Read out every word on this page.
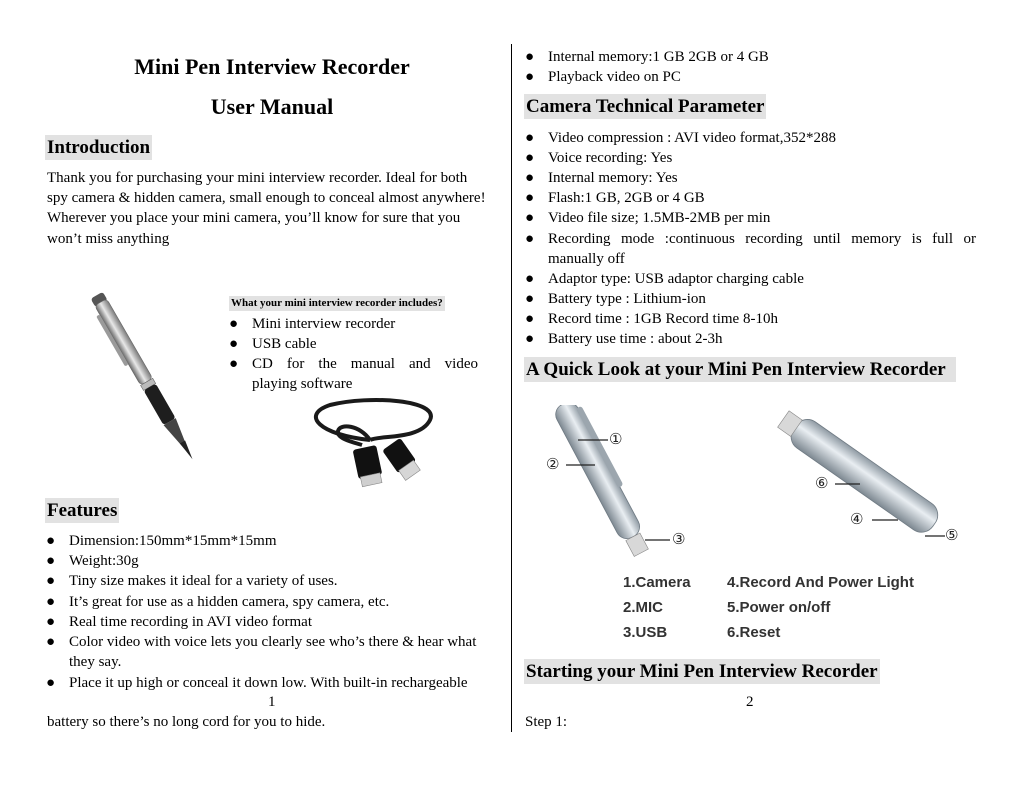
Mini Pen Interview Recorder
User Manual
Introduction
Thank you for purchasing your mini interview recorder. Ideal for both
spy camera & hidden camera, small enough to conceal almost anywhere!
Wherever you place your mini camera, you’ll know for sure that you
won’t miss anything
What your mini interview recorder includes?
● Mini interview recorder
● USB cable
● CD for the manual and video
playing software
Features
● Dimension:150mm*15mm*15mm
● Weight:30g
● Tiny size makes it ideal for a variety of uses.
● It’s great for use as a hidden camera, spy camera, etc.
● Real time recording in AVI video format
● Color video with voice lets you clearly see who’s there & hear what
they say.
● Place it up high or conceal it down low. With built-in rechargeable
1
battery so there’s no long cord for you to hide.
● Internal memory:1 GB 2GB or 4 GB
● Playback video on PC
Camera Technical Parameter
● Video compression : AVI video format,352*288
● Voice recording: Yes
● Internal memory: Yes
● Flash:1 GB, 2GB or 4 GB
● Video file size; 1.5MB-2MB per min
● Recording mode :continuous recording until memory is full or
manually off
● Adaptor type: USB adaptor charging cable
● Battery type : Lithium-ion
● Record time : 1GB Record time 8-10h
● Battery use time : about 2-3h
A Quick Look at your Mini Pen Interview Recorder
①
②
③
④
⑤
⑥
1.Camera
2.MIC
3.USB
4.Record And Power Light
5.Power on/off
6.Reset
Starting your Mini Pen Interview Recorder
2
Step 1:
